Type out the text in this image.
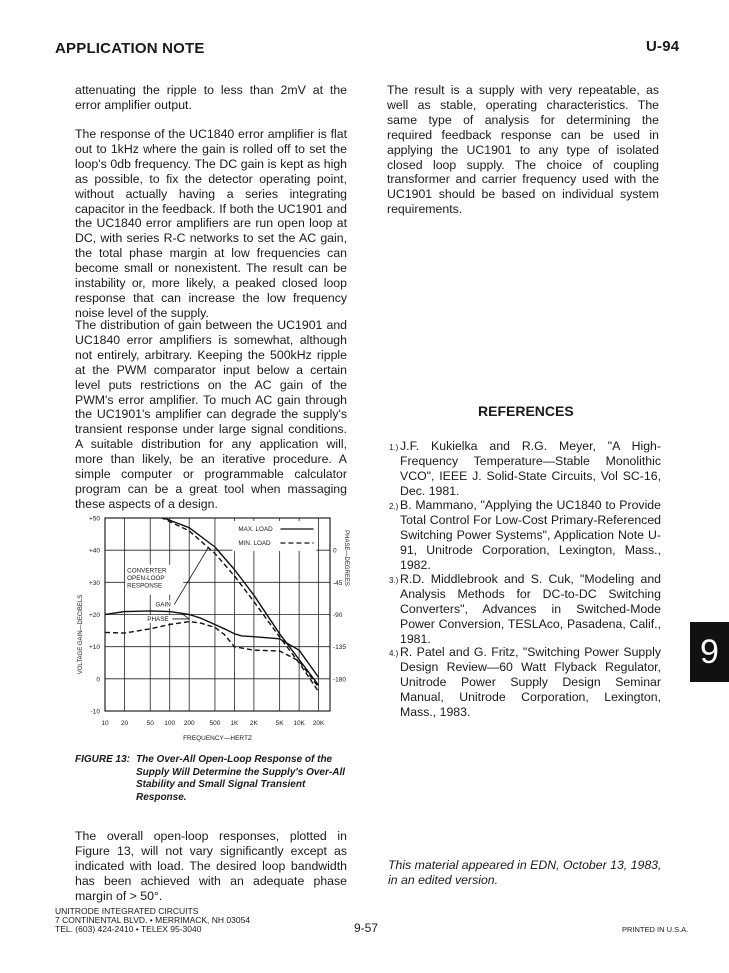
APPLICATION NOTE	U-94

attenuating the ripple to less than 2mV at the error amplifier output.

The response of the UC1840 error amplifier is flat out to 1kHz where the gain is rolled off to set the loop's 0db frequency. The DC gain is kept as high as possible, to fix the detector operating point, without actually having a series integrating capacitor in the feedback. If both the UC1901 and the UC1840 error amplifiers are run open loop at DC, with series R-C networks to set the AC gain, the total phase margin at low frequencies can become small or nonexistent. The result can be instability or, more likely, a peaked closed loop response that can increase the low frequency noise level of the supply.

The distribution of gain between the UC1901 and UC1840 error amplifiers is somewhat, although not entirely, arbitrary. Keeping the 500kHz ripple at the PWM comparator input below a certain level puts restrictions on the AC gain of the PWM's error amplifier. To much AC gain through the UC1901's amplifier can degrade the supply's transient response under large signal conditions. A suitable distribution for any application will, more than likely, be an iterative procedure. A simple computer or programmable calculator program can be a great tool when massaging these aspects of a design.

10 20	50 100 200 500 1K 2K	5K 10K 20K
+50
+40
+30
+20
+10
0
-10
0
-45
-90
-135
-180
FREQUENCY—HERTZ
VOLTAGE GAIN—DECIBELS
PHASE—DEGREES
MAX. LOAD
MIN. LOAD
CONVERTER
OPEN-LOOP
RESPONSE
GAIN
PHASE
FIGURE 13: The Over-All Open-Loop Response of the Supply Will Determine the Supply's Over-All Stability and Small Signal Transient Response.

The overall open-loop responses, plotted in Figure 13, will not vary significantly except as indicated with load. The desired loop bandwidth has been achieved with an adequate phase margin of > 50°.

The result is a supply with very repeatable, as well as stable, operating characteristics. The same type of analysis for determining the required feedback response can be used in applying the UC1901 to any type of isolated closed loop supply. The choice of coupling transformer and carrier frequency used with the UC1901 should be based on individual system requirements.

REFERENCES
1.) J.F. Kukielka and R.G. Meyer, "A High-Frequency Temperature—Stable Monolithic VCO", IEEE J. Solid-State Circuits, Vol SC-16, Dec. 1981.
2.) B. Mammano, "Applying the UC1840 to Provide Total Control For Low-Cost Primary-Referenced Switching Power Systems", Application Note U-91, Unitrode Corporation, Lexington, Mass., 1982.
3.) R.D. Middlebrook and S. Cuk, "Modeling and Analysis Methods for DC-to-DC Switching Converters", Advances in Switched-Mode Power Conversion, TESLAco, Pasadena, Calif., 1981.
4.) R. Patel and G. Fritz, "Switching Power Supply Design Review—60 Watt Flyback Regulator, Unitrode Power Supply Design Seminar Manual, Unitrode Corporation, Lexington, Mass., 1983.

This material appeared in EDN, October 13, 1983, in an edited version.

9
UNITRODE INTEGRATED CIRCUITS
7 CONTINENTAL BLVD. • MERRIMACK, NH 03054
TEL. (603) 424-2410 • TELEX 95-3040	9-57	PRINTED IN U.S.A.
